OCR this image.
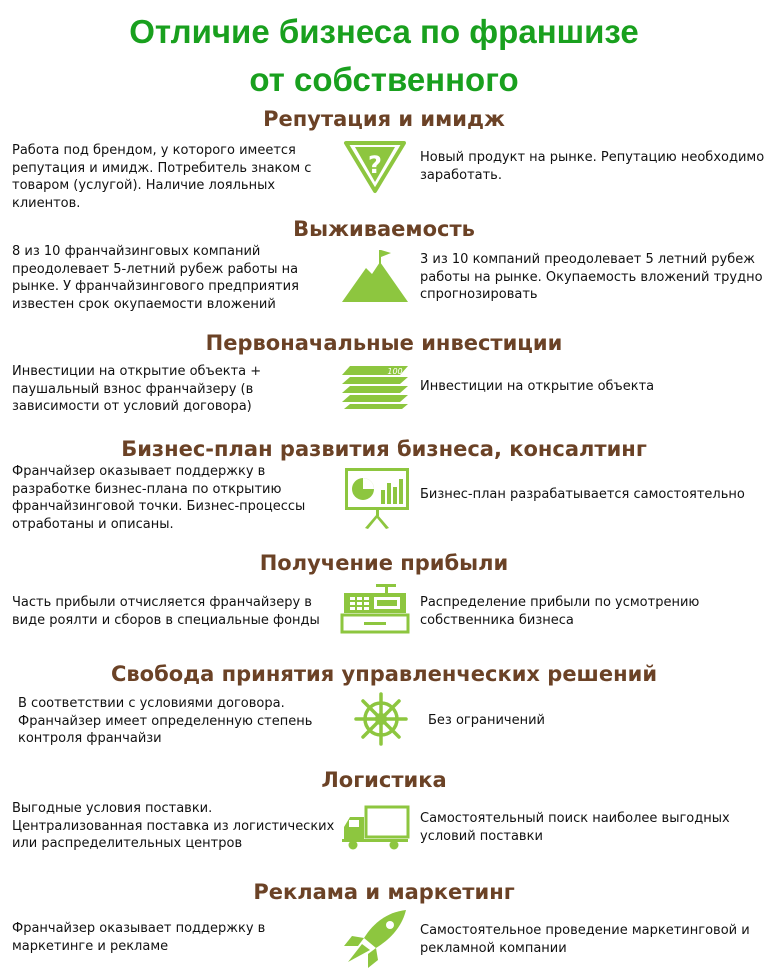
Отличие бизнеса по франшизе
от собственного
Репутация и имидж

Работа под брендом, у которого имеется репутация и имидж. Потребитель знаком с товаром (услугой). Наличие лояльных клиентов.

?	Новый продукт на рынке. Репутацию необходимо заработать.

Выживаемость

8 из 10 франчайзинговых компаний преодолевает 5-летний рубеж работы на рынке. У франчайзингового предприятия известен срок окупаемости вложений

3 из 10 компаний преодолевает 5 летний рубеж работы на рынке. Окупаемость вложений трудно спрогнозировать

Первоначальные инвестиции

Инвестиции на открытие объекта + паушальный взнос франчайзеру (в зависимости от условий договора)

100

Инвестиции на открытие объекта

Бизнес-план развития бизнеса, консалтинг

Франчайзер оказывает поддержку в разработке бизнес-плана по открытию франчайзинговой точки. Бизнес-процессы отработаны и описаны.

Бизнес-план разрабатывается самостоятельно

Получение прибыли

Часть прибыли отчисляется франчайзеру в виде роялти и сборов в специальные фонды

Распределение прибыли по усмотрению собственника бизнеса

Свобода принятия управленческих решений

В соответствии с условиями договора. Франчайзер имеет определенную степень контроля франчайзи

Без ограничений

Логистика

Выгодные условия поставки. Централизованная поставка из логистических или распределительных центров

Самостоятельный поиск наиболее выгодных условий поставки

Реклама и маркетинг

Франчайзер оказывает поддержку в маркетинге и рекламе

Самостоятельное проведение маркетинговой и рекламной компании
